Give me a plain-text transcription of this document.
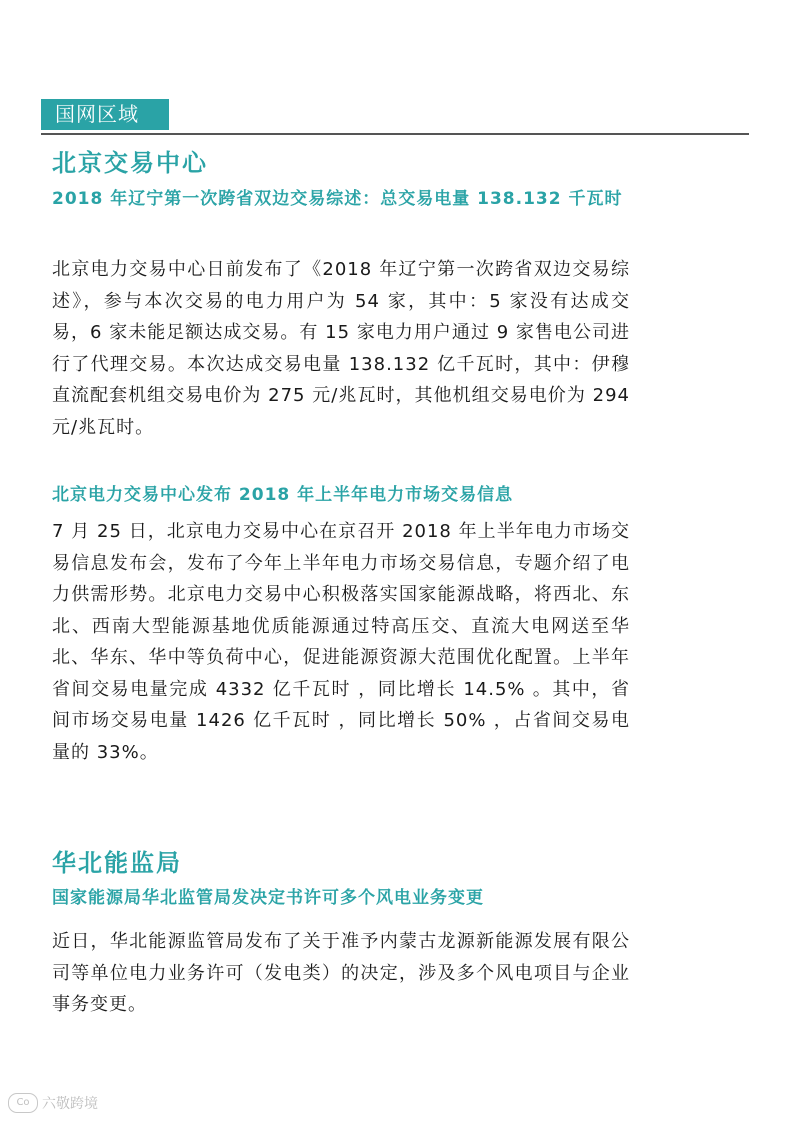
国网区域
北京交易中心
2018 年辽宁第一次跨省双边交易综述：总交易电量 138.132 千瓦时

北京电力交易中心日前发布了《2018 年辽宁第一次跨省双边交易综述》，参与本次交易的电力用户为 54 家，其中：5 家没有达成交易，6 家未能足额达成交易。有 15 家电力用户通过 9 家售电公司进行了代理交易。本次达成交易电量 138.132 亿千瓦时，其中：伊穆直流配套机组交易电价为 275 元/兆瓦时，其他机组交易电价为 294 元/兆瓦时。

北京电力交易中心发布 2018 年上半年电力市场交易信息

7 月 25 日，北京电力交易中心在京召开 2018 年上半年电力市场交易信息发布会，发布了今年上半年电力市场交易信息，专题介绍了电力供需形势。北京电力交易中心积极落实国家能源战略，将西北、东北、西南大型能源基地优质能源通过特高压交、直流大电网送至华北、华东、华中等负荷中心，促进能源资源大范围优化配置。上半年省间交易电量完成 4332 亿千瓦时 ，同比增长 14.5% 。其中，省间市场交易电量 1426 亿千瓦时 ，同比增长 50% ，占省间交易电量的 33%。

华北能监局
国家能源局华北监管局发决定书许可多个风电业务变更

近日，华北能源监管局发布了关于准予内蒙古龙源新能源发展有限公司等单位电力业务许可（发电类）的决定，涉及多个风电项目与企业事务变更。

Co 六敬跨境
